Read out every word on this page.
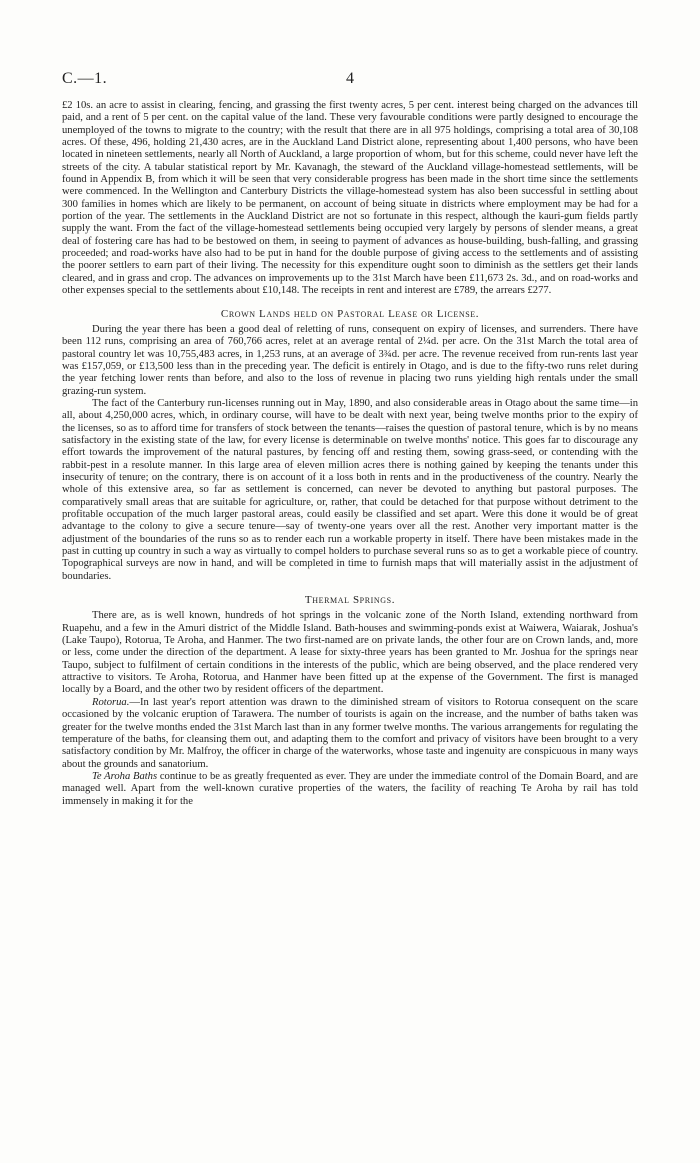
C.—1.	4

£2 10s. an acre to assist in clearing, fencing, and grassing the first twenty acres, 5 per cent. interest being charged on the advances till paid, and a rent of 5 per cent. on the capital value of the land. These very favourable conditions were partly designed to encourage the unemployed of the towns to migrate to the country; with the result that there are in all 975 holdings, comprising a total area of 30,108 acres. Of these, 496, holding 21,430 acres, are in the Auckland Land District alone, representing about 1,400 persons, who have been located in nineteen settlements, nearly all North of Auckland, a large proportion of whom, but for this scheme, could never have left the streets of the city. A tabular statistical report by Mr. Kavanagh, the steward of the Auckland village-homestead settlements, will be found in Appendix B, from which it will be seen that very considerable progress has been made in the short time since the settlements were commenced. In the Wellington and Canterbury Districts the village-homestead system has also been successful in settling about 300 families in homes which are likely to be permanent, on account of being situate in districts where employment may be had for a portion of the year. The settlements in the Auckland District are not so fortunate in this respect, although the kauri-gum fields partly supply the want. From the fact of the village-homestead settlements being occupied very largely by persons of slender means, a great deal of fostering care has had to be bestowed on them, in seeing to payment of advances as house-building, bush-falling, and grassing proceeded; and road-works have also had to be put in hand for the double purpose of giving access to the settlements and of assisting the poorer settlers to earn part of their living. The necessity for this expenditure ought soon to diminish as the settlers get their lands cleared, and in grass and crop. The advances on improvements up to the 31st March have been £11,673 2s. 3d., and on road-works and other expenses special to the settlements about £10,148. The receipts in rent and interest are £789, the arrears £277.

Crown Lands held on Pastoral Lease or License.

During the year there has been a good deal of reletting of runs, consequent on expiry of licenses, and surrenders. There have been 112 runs, comprising an area of 760,766 acres, relet at an average rental of 2¼d. per acre. On the 31st March the total area of pastoral country let was 10,755,483 acres, in 1,253 runs, at an average of 3¾d. per acre. The revenue received from run-rents last year was £157,059, or £13,500 less than in the preceding year. The deficit is entirely in Otago, and is due to the fifty-two runs relet during the year fetching lower rents than before, and also to the loss of revenue in placing two runs yielding high rentals under the small grazing-run system.

The fact of the Canterbury run-licenses running out in May, 1890, and also considerable areas in Otago about the same time—in all, about 4,250,000 acres, which, in ordinary course, will have to be dealt with next year, being twelve months prior to the expiry of the licenses, so as to afford time for transfers of stock between the tenants—raises the question of pastoral tenure, which is by no means satisfactory in the existing state of the law, for every license is determinable on twelve months' notice. This goes far to discourage any effort towards the improvement of the natural pastures, by fencing off and resting them, sowing grass-seed, or contending with the rabbit-pest in a resolute manner. In this large area of eleven million acres there is nothing gained by keeping the tenants under this insecurity of tenure; on the contrary, there is on account of it a loss both in rents and in the productiveness of the country. Nearly the whole of this extensive area, so far as settlement is concerned, can never be devoted to anything but pastoral purposes. The comparatively small areas that are suitable for agriculture, or, rather, that could be detached for that purpose without detriment to the profitable occupation of the much larger pastoral areas, could easily be classified and set apart. Were this done it would be of great advantage to the colony to give a secure tenure—say of twenty-one years over all the rest. Another very important matter is the adjustment of the boundaries of the runs so as to render each run a workable property in itself. There have been mistakes made in the past in cutting up country in such a way as virtually to compel holders to purchase several runs so as to get a workable piece of country. Topographical surveys are now in hand, and will be completed in time to furnish maps that will materially assist in the adjustment of boundaries.

Thermal Springs.

There are, as is well known, hundreds of hot springs in the volcanic zone of the North Island, extending northward from Ruapehu, and a few in the Amuri district of the Middle Island. Bath-houses and swimming-ponds exist at Waiwera, Waiarak, Joshua's (Lake Taupo), Rotorua, Te Aroha, and Hanmer. The two first-named are on private lands, the other four are on Crown lands, and, more or less, come under the direction of the department. A lease for sixty-three years has been granted to Mr. Joshua for the springs near Taupo, subject to fulfilment of certain conditions in the interests of the public, which are being observed, and the place rendered very attractive to visitors. Te Aroha, Rotorua, and Hanmer have been fitted up at the expense of the Government. The first is managed locally by a Board, and the other two by resident officers of the department.

Rotorua.—In last year's report attention was drawn to the diminished stream of visitors to Rotorua consequent on the scare occasioned by the volcanic eruption of Tarawera. The number of tourists is again on the increase, and the number of baths taken was greater for the twelve months ended the 31st March last than in any former twelve months. The various arrangements for regulating the temperature of the baths, for cleansing them out, and adapting them to the comfort and privacy of visitors have been brought to a very satisfactory condition by Mr. Malfroy, the officer in charge of the waterworks, whose taste and ingenuity are conspicuous in many ways about the grounds and sanatorium.

Te Aroha Baths continue to be as greatly frequented as ever. They are under the immediate control of the Domain Board, and are managed well. Apart from the well-known curative properties of the waters, the facility of reaching Te Aroha by rail has told immensely in making it for the
